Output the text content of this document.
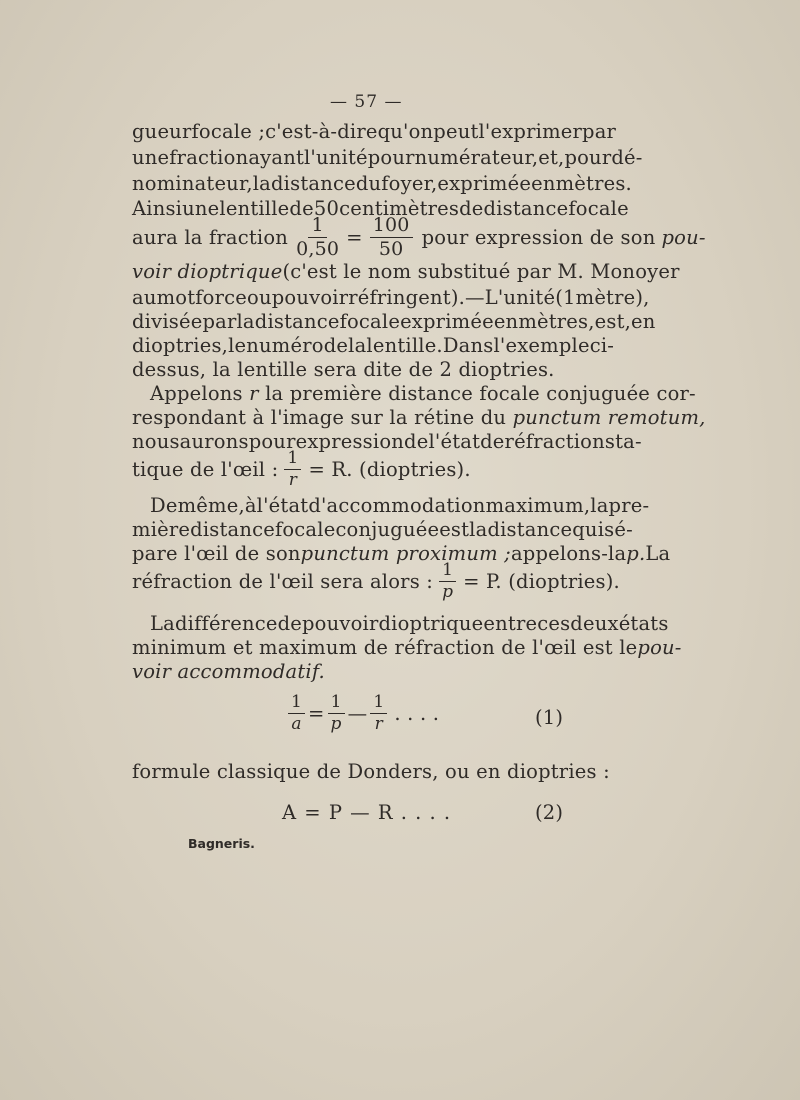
— 57 —
gueur focale ; c'est-à-dire qu'on peut l'exprimer par
une fraction ayant l'unité pour numérateur, et, pour dé-
nominateur, la distance du foyer, exprimée en mètres.
Ainsi une lentille de 50 centimètres de distance focale
aura la fraction $\frac{1}{0,50} = \frac{100}{50}$ pour expression de son pou-
voir dioptrique (c'est le nom substitué par M. Monoyer
au mot force ou pouvoir réfringent). — L'unité (1 mètre),
divisée par la distance focale exprimée en mètres, est, en
dioptries, le numéro de la lentille. Dans l'exemple ci-
dessus, la lentille sera dite de 2 dioptries.
Appelons r la première distance focale conjuguée cor-
respondant à l'image sur la rétine du punctum remotum,
nous aurons pour expression de l'état de réfraction sta-
tique de l'œil : $\frac{1}{r} = R$. (dioptries).
De même, à l'état d'accommodation maximum, la pre-
mière distance focale conjuguée est la distance qui sé-
pare l'œil de son punctum proximum ; appelons-la p. La
réfraction de l'œil sera alors : $\frac{1}{p} = P$. (dioptries).
La différence de pouvoir dioptrique entre ces deux états
minimum et maximum de réfraction de l'œil est le pou-
voir accommodatif.
$\frac{1}{a} = \frac{1}{p}$ — $\frac{1}{r}$ . . . .	(1)
formule classique de Donders, ou en dioptries :
A = P — R . . . .	(2)
Bagneris.
